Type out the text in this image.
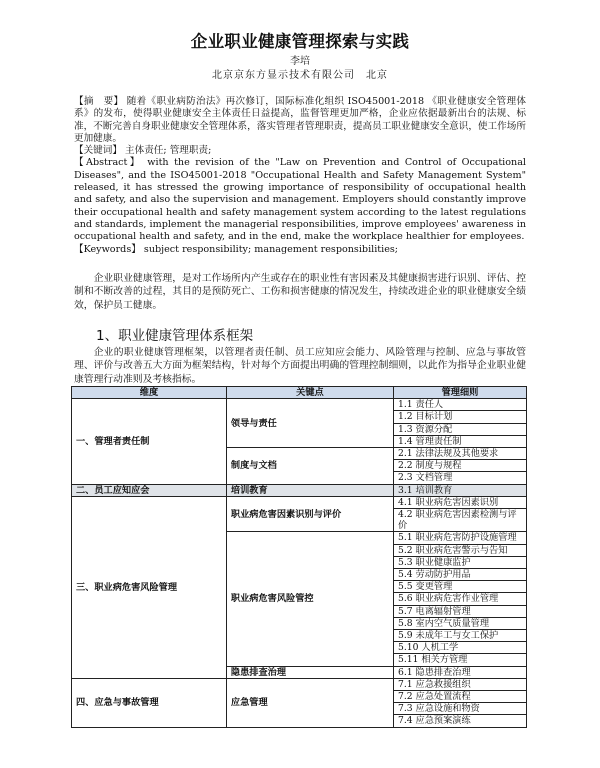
企业职业健康管理探索与实践
李培
北京京东方显示技术有限公司　北京

【摘　要】 随着《职业病防治法》再次修订，国际标准化组织 ISO45001-2018 《职业健康安全管理体系》的发布，使得职业健康安全主体责任日益提高，监督管理更加严格，企业应依据最新出台的法规、标准，不断完善自身职业健康安全管理体系，落实管理者管理职责，提高员工职业健康安全意识，使工作场所更加健康。

【关键词】 主体责任; 管理职责;

【Abstract】 with the revision of the "Law on Prevention and Control of Occupational Diseases", and the ISO45001-2018 "Occupational Health and Safety Management System" released, it has stressed the growing importance of responsibility of occupational health and safety, and also the supervision and management. Employers should constantly improve their occupational health and safety management system according to the latest regulations and standards, implement the managerial responsibilities, improve employees' awareness in occupational health and safety, and in the end, make the workplace healthier for employees.

【Keywords】 subject responsibility; management responsibilities;

企业职业健康管理，是对工作场所内产生或存在的职业性有害因素及其健康损害进行识别、评估、控制和不断改善的过程，其目的是预防死亡、工伤和损害健康的情况发生，持续改进企业的职业健康安全绩效，保护员工健康。

1、职业健康管理体系框架

企业的职业健康管理框架，以管理者责任制、员工应知应会能力、风险管理与控制、应急与事故管理、评价与改善五大方面为框架结构，针对每个方面提出明确的管理控制细则，以此作为指导企业职业健康管理行动准则及考核指标。

维度	关键点	管理细则
一、管理者责任制	领导与责任	1.1 责任人
		1.2 目标计划
		1.3 资源分配
		1.4 管理责任制
	制度与文档	2.1 法律法规及其他要求
		2.2 制度与规程
		2.3 文档管理
二、员工应知应会	培训教育	3.1 培训教育
三、职业病危害风险管理	职业病危害因素识别与评价	4.1 职业病危害因素识别
		4.2 职业病危害因素检测与评价
	职业病危害风险管控	5.1 职业病危害防护设施管理
		5.2 职业病危害警示与告知
		5.3 职业健康监护
		5.4 劳动防护用品
		5.5 变更管理
		5.6 职业病危害作业管理
		5.7 电离辐射管理
		5.8 室内空气质量管理
		5.9 未成年工与女工保护
		5.10 人机工学
		5.11 相关方管理
	隐患排查治理	6.1 隐患排查治理
四、应急与事故管理	应急管理	7.1 应急救援组织
		7.2 应急处置流程
		7.3 应急设施和物资
		7.4 应急预案演练
